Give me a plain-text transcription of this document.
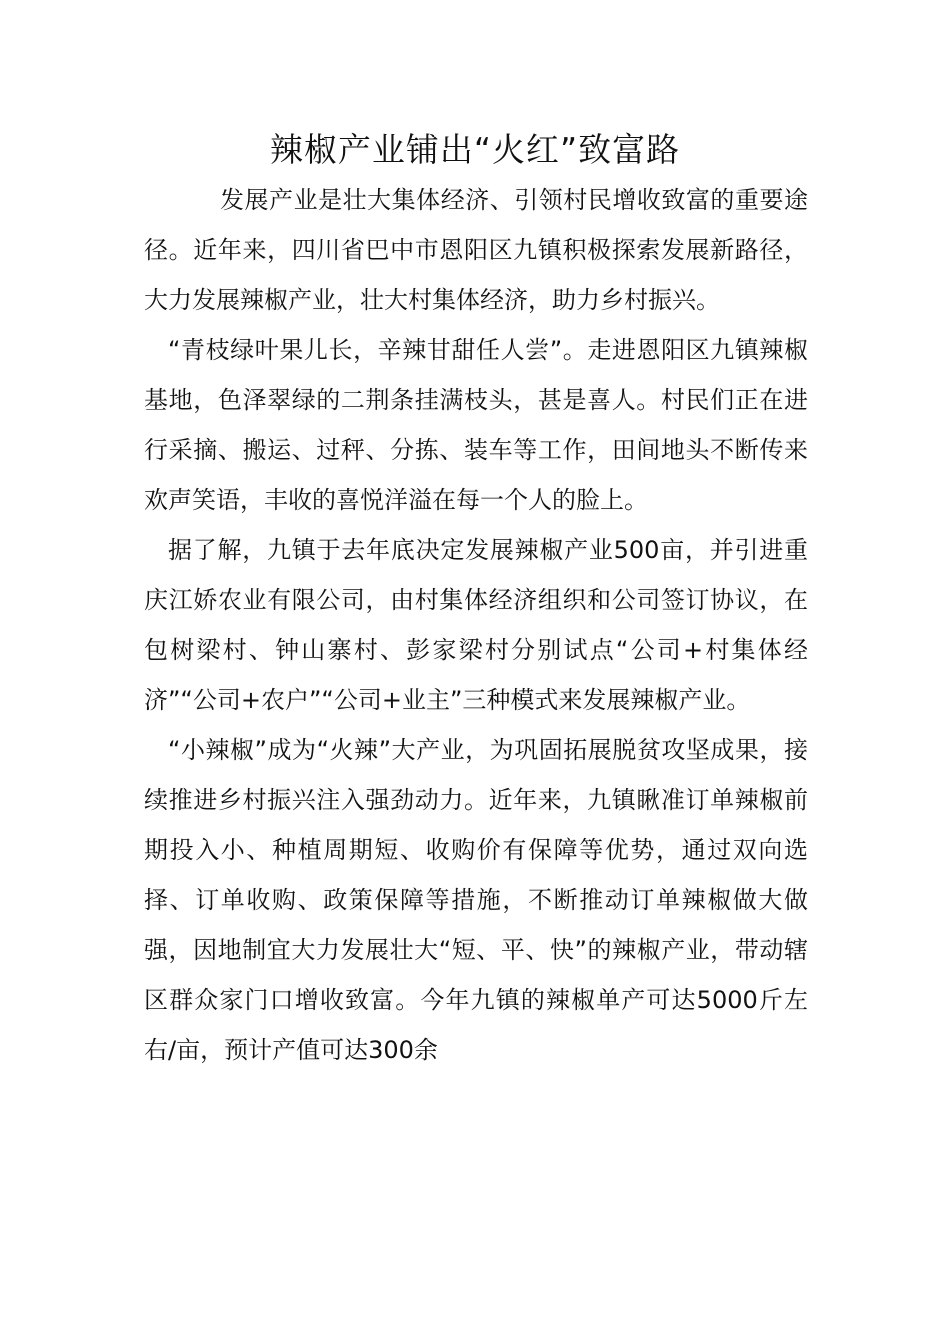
辣椒产业铺出“火红”致富路

发展产业是壮大集体经济、引领村民增收致富的重要途径。近年来，四川省巴中市恩阳区九镇积极探索发展新路径，大力发展辣椒产业，壮大村集体经济，助力乡村振兴。

“青枝绿叶果儿长，辛辣甘甜任人尝”。走进恩阳区九镇辣椒基地，色泽翠绿的二荆条挂满枝头，甚是喜人。村民们正在进行采摘、搬运、过秤、分拣、装车等工作，田间地头不断传来欢声笑语，丰收的喜悦洋溢在每一个人的脸上。

据了解，九镇于去年底决定发展辣椒产业500亩，并引进重庆江娇农业有限公司，由村集体经济组织和公司签订协议，在包树梁村、钟山寨村、彭家梁村分别试点“公司+村集体经济”“公司+农户”“公司+业主”三种模式来发展辣椒产业。

“小辣椒”成为“火辣”大产业，为巩固拓展脱贫攻坚成果，接续推进乡村振兴注入强劲动力。近年来，九镇瞅准订单辣椒前期投入小、种植周期短、收购价有保障等优势，通过双向选择、订单收购、政策保障等措施，不断推动订单辣椒做大做强，因地制宜大力发展壮大“短、平、快”的辣椒产业，带动辖区群众家门口增收致富。今年九镇的辣椒单产可达5000斤左右/亩，预计产值可达300余
